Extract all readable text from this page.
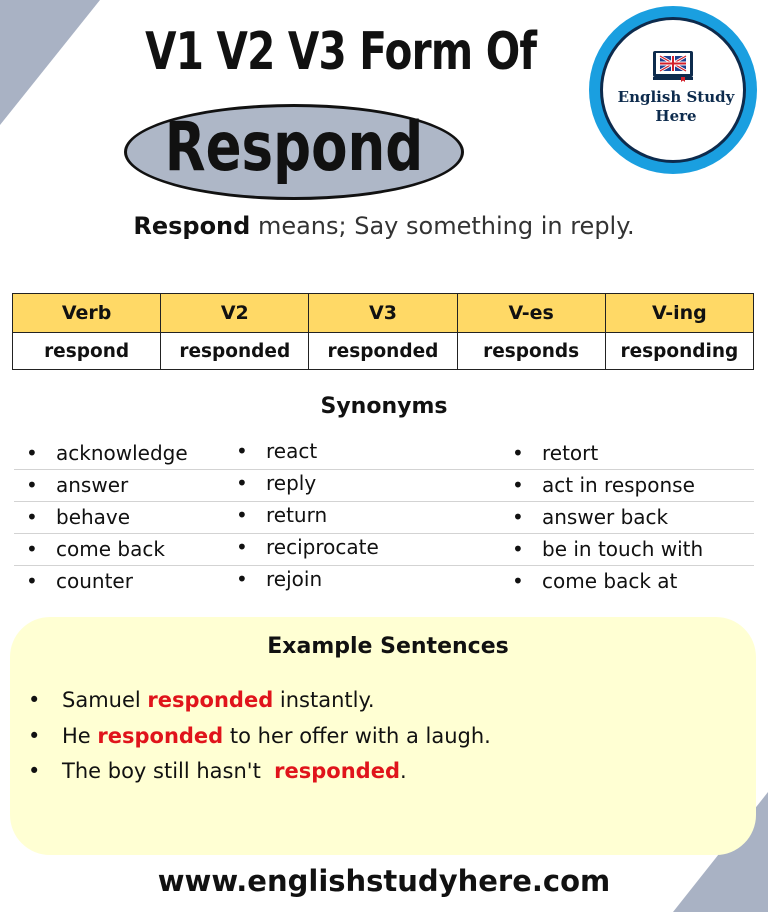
V1 V2 V3 Form Of
Respond
English Study
Here
Respond means; Say something in reply.
Verb	V2	V3	V-es	V-ing
respond	responded	responded	responds	responding
Synonyms
• acknowledge
• answer
• behave
• come back
• counter
• react
• reply
• return
• reciprocate
• rejoin
• retort
• act in response
• answer back
• be in touch with
• come back at
Example Sentences
• Samuel responded instantly.
• He responded to her offer with a laugh.
• The boy still hasn't  responded.
www.englishstudyhere.com
